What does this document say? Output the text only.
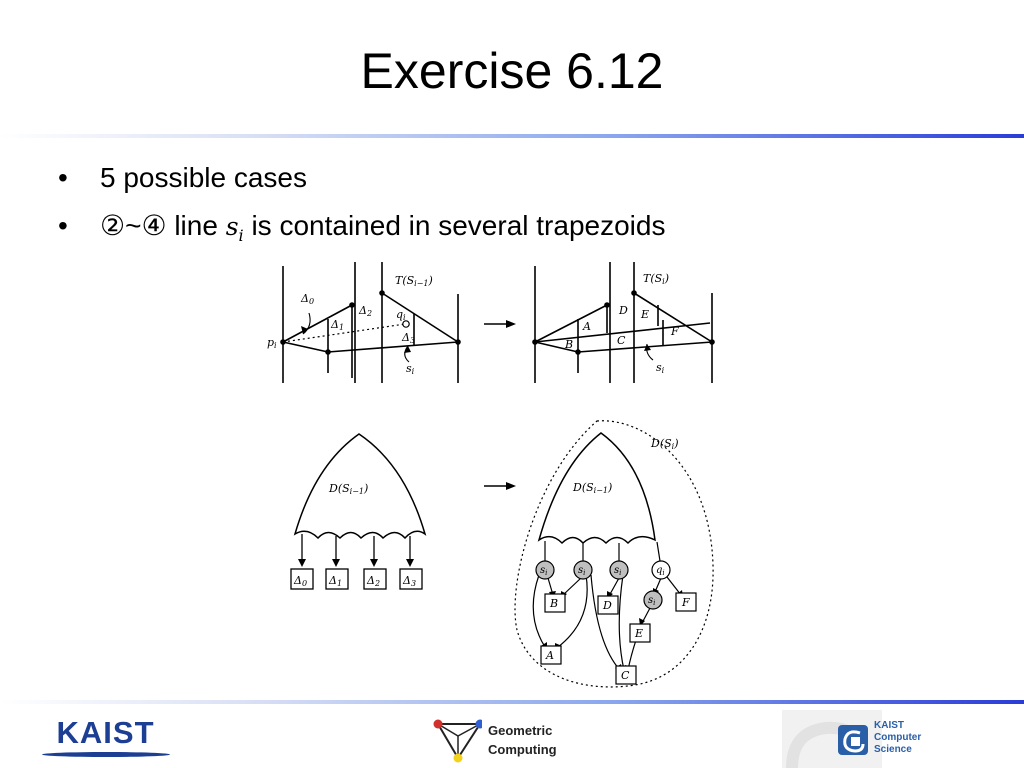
Exercise 6.12
• 5 possible cases
• ②~④ line $s_i$ is contained in several trapezoids
T(Si−1)
Δ0
Δ1
Δ2
Δ3
pi
qi
si
T(Si)
A
B	C
D E
F
si
D(Si−1)
Δ0 Δ1 Δ2 Δ3
D(Si)
D(Si−1)
$s_i$	$s_i$	$s_i$	$q_i$
$s_i$
B	D	F
E
A
C
KAIST	Geometric
Computing
KAIST
Computer
Science
